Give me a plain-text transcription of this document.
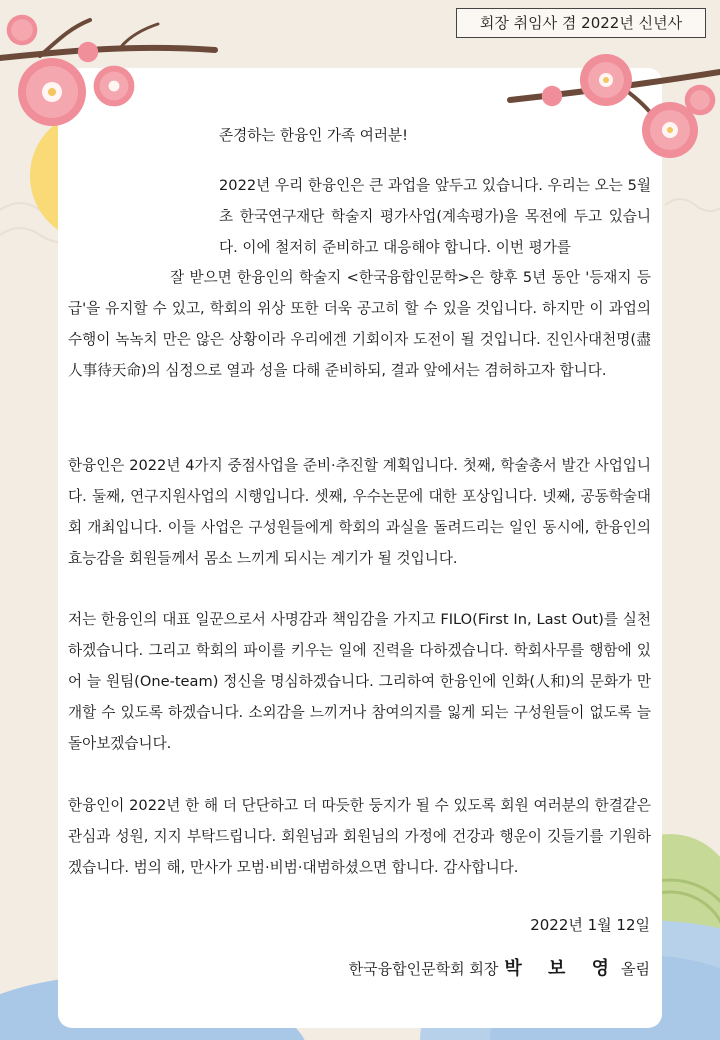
회장 취임사 겸 2022년 신년사

존경하는 한융인 가족 여러분!

2022년 우리 한융인은 큰 과업을 앞두고 있습니다. 우리는 오는 5월 초 한국연구재단 학술지 평가사업(계속평가)을 목전에 두고 있습니다. 이에 철저히 준비하고 대응해야 합니다. 이번 평가를

잘 받으면 한융인의 학술지 <한국융합인문학>은 향후 5년 동안 '등재지 등급'을 유지할 수 있고, 학회의 위상 또한 더욱 공고히 할 수 있을 것입니다. 하지만 이 과업의 수행이 녹녹치 만은 않은 상황이라 우리에겐 기회이자 도전이 될 것입니다. 진인사대천명(盡人事待天命)의 심정으로 열과 성을 다해 준비하되, 결과 앞에서는 겸허하고자 합니다.

한융인은 2022년 4가지 중점사업을 준비·추진할 계획입니다. 첫째, 학술총서 발간 사업입니다. 둘째, 연구지원사업의 시행입니다. 셋째, 우수논문에 대한 포상입니다. 넷째, 공동학술대회 개최입니다. 이들 사업은 구성원들에게 학회의 과실을 돌려드리는 일인 동시에, 한융인의 효능감을 회원들께서 몸소 느끼게 되시는 계기가 될 것입니다.

저는 한융인의 대표 일꾼으로서 사명감과 책임감을 가지고 FILO(First In, Last Out)를 실천하겠습니다. 그리고 학회의 파이를 키우는 일에 진력을 다하겠습니다. 학회사무를 행함에 있어 늘 원팀(One-team) 정신을 명심하겠습니다. 그리하여 한융인에 인화(人和)의 문화가 만개할 수 있도록 하겠습니다. 소외감을 느끼거나 참여의지를 잃게 되는 구성원들이 없도록 늘 돌아보겠습니다.

한융인이 2022년 한 해 더 단단하고 더 따듯한 둥지가 될 수 있도록 회원 여러분의 한결같은 관심과 성원, 지지 부탁드립니다. 회원님과 회원님의 가정에 건강과 행운이 깃들기를 기원하겠습니다. 범의 해, 만사가 모범·비범·대범하셨으면 합니다. 감사합니다.

2022년 1월 12일
한국융합인문학회 회장 박 보 영 올림
